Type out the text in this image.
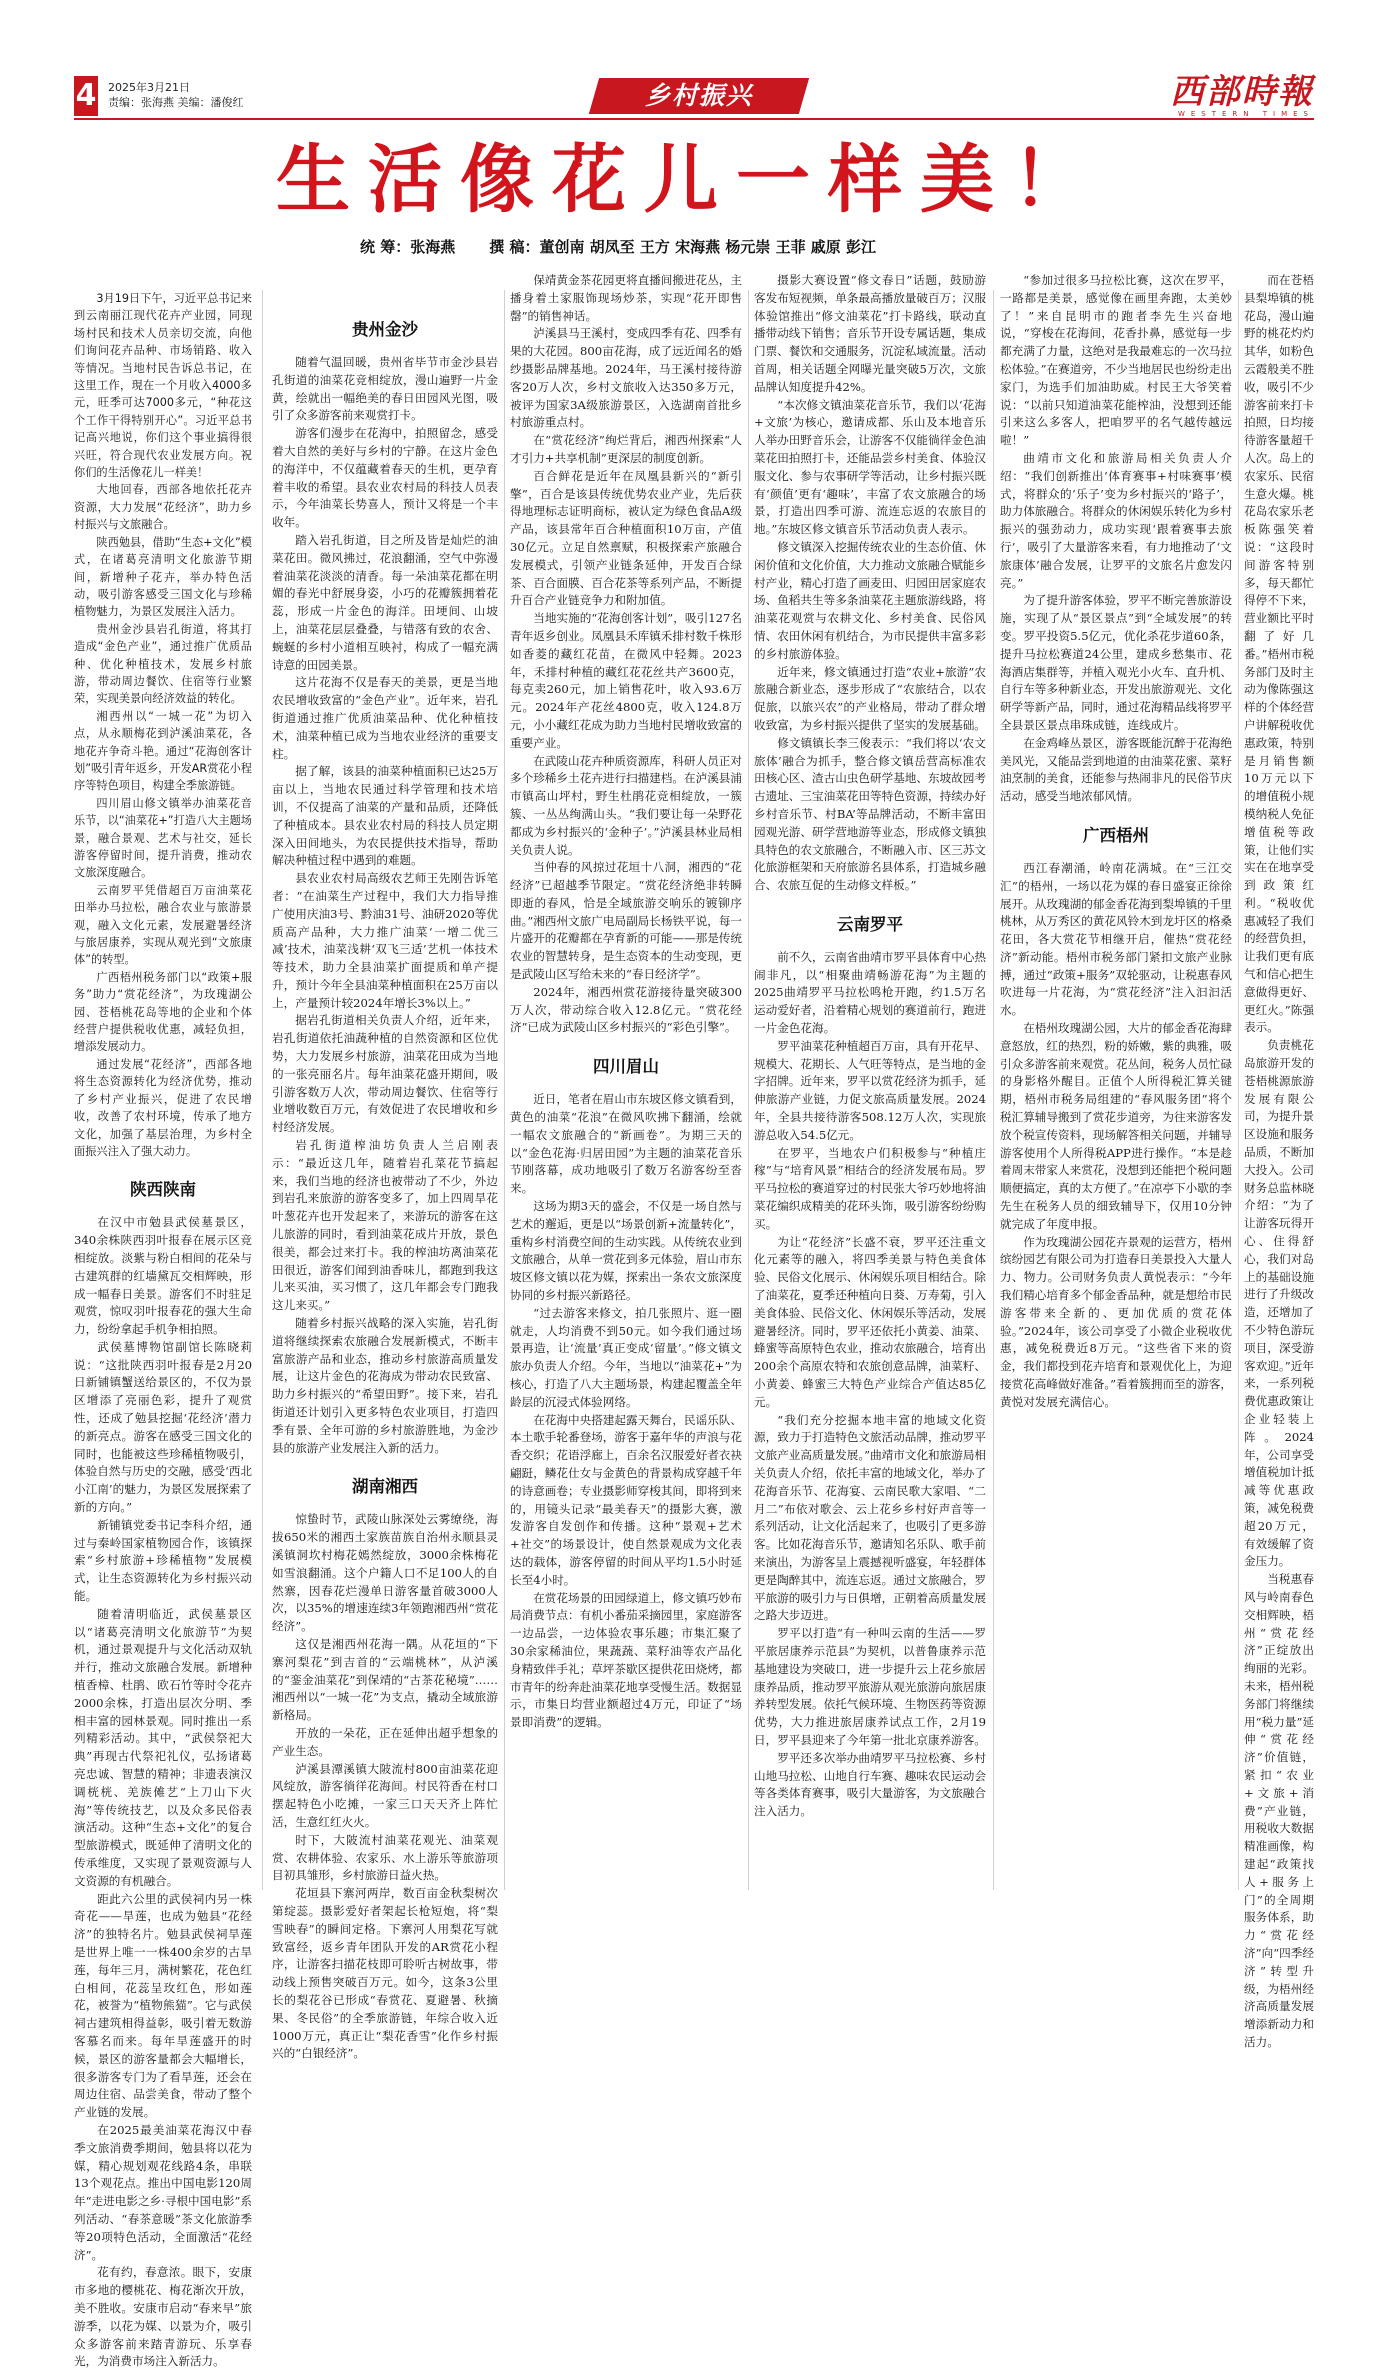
4 2025年3月21日
责编：张海燕 美编：潘俊红	乡村振兴	西部時報
WESTERN TIMES
生活像花儿一样美！
统 筹：张海燕 撰 稿：董创南 胡凤至 王方 宋海燕 杨元崇 王菲 戚原 彭江

3月19日下午，习近平总书记来到云南丽江现代花卉产业园，同现场村民和技术人员亲切交流，向他们询问花卉品种、市场销路、收入等情况。当地村民告诉总书记，在这里工作，現在一个月收入4000多元，旺季可达7000多元，“种花这个工作干得特别开心”。习近平总书记高兴地说，你们这个事业搞得很兴旺，符合现代农业发展方向。祝你们的生活像花儿一样美！

大地回春，西部各地依托花卉资源，大力发展“花经济”，助力乡村振兴与文旅融合。

陕西勉县，借助“生态+文化”模式，在诸葛亮清明文化旅游节期间，新增种子花卉，举办特色活动，吸引游客感受三国文化与珍稀植物魅力，为景区发展注入活力。

贵州金沙县岩孔街道，将其打造成“金色产业”，通过推广优质品种、优化种植技术，发展乡村旅游，带动周边餐饮、住宿等行业繁荣，实现美景向经济效益的转化。

湘西州以“一城一花”为切入点，从永顺梅花到泸溪油菜花，各地花卉争奇斗艳。通过“花海创客计划”吸引青年返乡，开发AR赏花小程序等特色项目，构建全季旅游链。

四川眉山修文镇举办油菜花音乐节，以“油菜花+”打造八大主题场景，融合景观、艺术与社交，延长游客停留时间，提升消费，推动农文旅深度融合。

云南罗平凭借超百万亩油菜花田举办马拉松，融合农业与旅游景观，融入文化元素，发展避暑经济与旅居康养，实现从观光到“文旅康体”的转型。

广西梧州税务部门以“政策+服务”助力“赏花经济”，为玫瑰湖公园、苍梧桃花岛等地的企业和个体经营户提供税收优惠，减轻负担，增添发展动力。

通过发展“花经济”，西部各地将生态资源转化为经济优势，推动了乡村产业振兴，促进了农民增收，改善了农村环境，传承了地方文化，加强了基层治理，为乡村全面振兴注入了强大动力。

陕西陕南

在汉中市勉县武侯墓景区，340余株陕西羽叶报春在展示区竞相绽放。淡紫与粉白相间的花朵与古建筑群的红墙黛瓦交相辉映，形成一幅春日美景。游客们不时驻足观赏，惊叹羽叶报春花的强大生命力，纷纷拿起手机争相拍照。

武侯墓博物馆副馆长陈晓莉说：“这批陕西羽叶报春是2月20日新铺镇蟹送给景区的，不仅为景区增添了亮丽色彩，提升了观赏性，还成了勉县挖掘‘花经济’潜力的新亮点。游客在感受三国文化的同时，也能被这些珍稀植物吸引，体验自然与历史的交融，感受‘西北小江南’的魅力，为景区发展探索了新的方向。”

新铺镇党委书记李科介绍，通过与秦岭国家植物园合作，该镇探索“乡村旅游+珍稀植物”发展模式，让生态资源转化为乡村振兴动能。

随着清明临近，武侯墓景区以“诸葛亮清明文化旅游节”为契机，通过景观提升与文化活动双轨并行，推动文旅融合发展。新增种植香樟、杜鹃、欧石竹等时令花卉2000余株，打造出层次分明、季相丰富的园林景观。同时推出一系列精彩活动。其中，“武侯祭祀大典”再现古代祭祀礼仪，弘扬诸葛亮忠诚、智慧的精神；非遗表演汉调桄桄、羌族傩艺“上刀山下火海”等传统技艺，以及众多民俗表演活动。这种“生态+文化”的复合型旅游模式，既延伸了清明文化的传承维度，又实现了景观资源与人文资源的有机融合。

距此六公里的武侯祠内另一株奇花——旱莲，也成为勉县“花经济”的独特名片。勉县武侯祠旱莲是世界上唯一一株400余岁的古旱莲，每年三月，满树繁花，花色红白相间，花蕊呈玫红色，形如莲花，被誉为“植物熊猫”。它与武侯祠古建筑相得益彰，吸引着无数游客慕名而来。每年旱莲盛开的时候，景区的游客量都会大幅增长，很多游客专门为了看旱莲，还会在周边住宿、品尝美食，带动了整个产业链的发展。

在2025最美油菜花海汉中春季文旅消费季期间，勉县将以花为媒，精心规划观花线路4条，串联13个观花点。推出中国电影120周年“走进电影之乡·寻根中国电影”系列活动、“春茶意暖”茶文化旅游季等20项特色活动，全面激活“花经济”。

花有约，春意浓。眼下，安康市多地的樱桃花、梅花渐次开放，美不胜收。安康市启动“春来早”旅游季，以花为媒、以景为介，吸引众多游客前来踏青游玩、乐享春光，为消费市场注入新活力。

贵州金沙

随着气温回暖，贵州省毕节市金沙县岩孔街道的油菜花竞相绽放，漫山遍野一片金黄，绘就出一幅绝美的春日田园风光图，吸引了众多游客前来观赏打卡。

游客们漫步在花海中，拍照留念，感受着大自然的美好与乡村的宁静。在这片金色的海洋中，不仅蕴藏着春天的生机，更孕育着丰收的希望。县农业农村局的科技人员表示，今年油菜长势喜人，预计又将是一个丰收年。

踏入岩孔街道，目之所及皆是灿烂的油菜花田。微风拂过，花浪翻涌，空气中弥漫着油菜花淡淡的清香。每一朵油菜花都在明媚的春光中舒展身姿，小巧的花瓣簇拥着花蕊，形成一片金色的海洋。田埂间、山坡上，油菜花层层叠叠，与错落有致的农舍、蜿蜒的乡村小道相互映衬，构成了一幅充满诗意的田园美景。

这片花海不仅是春天的美景，更是当地农民增收致富的“金色产业”。近年来，岩孔街道通过推广优质油菜品种、优化种植技术，油菜种植已成为当地农业经济的重要支柱。

据了解，该县的油菜种植面积已达25万亩以上，当地农民通过科学管理和技术培训，不仅提高了油菜的产量和品质，还降低了种植成本。县农业农村局的科技人员定期深入田间地头，为农民提供技术指导，帮助解决种植过程中遇到的难题。

县农业农村局高级农艺师王先刚告诉笔者：“在油菜生产过程中，我们大力指导推广使用庆油3号、黔油31号、油研2020等优质高产品种，大力推广油菜‘一增二优三减’技术，油菜浅耕‘双飞三适’艺机一体技术等技术，助力全县油菜扩面提质和单产提升，预计今年全县油菜种植面积在25万亩以上，产量预计较2024年增长3%以上。”

据岩孔街道相关负责人介绍，近年来，岩孔街道依托油蔬种植的自然资源和区位优势，大力发展乡村旅游，油菜花田成为当地的一张亮丽名片。每年油菜花盛开期间，吸引游客数万人次，带动周边餐饮、住宿等行业增收数百万元，有效促进了农民增收和乡村经济发展。

岩孔街道榨油坊负责人兰启刚表示：“最近这几年，随着岩孔菜花节搞起来，我们当地的经济也被带动了不少，外边到岩孔来旅游的游客变多了，加上四周旱花叶葱花卉也开发起来了，来游玩的游客在这儿旅游的同时，看到油菜花成片开放，景色很美，都会过来打卡。我的榨油坊离油菜花田很近，游客们闻到油香味儿，都跑到我这儿来买油，买习惯了，这几年都会专门跑我这儿来买。”

随着乡村振兴战略的深入实施，岩孔街道将继续探索农旅融合发展新模式，不断丰富旅游产品和业态，推动乡村旅游高质量发展，让这片金色的花海成为带动农民致富、助力乡村振兴的“希望田野”。接下来，岩孔街道还计划引入更多特色农业项目，打造四季有景、全年可游的乡村旅游胜地，为金沙县的旅游产业发展注入新的活力。

湖南湘西

惊蛰时节，武陵山脉深处云雾缭绕，海拔650米的湘西土家族苗族自治州永顺县灵溪镇洞坎村梅花嫣然绽放，3000余株梅花如雪浪翻涌。这个户籍人口不足100人的自然寨，因春花烂漫单日游客量首破3000人次，以35%的增速连续3年领跑湘西州“赏花经济”。

这仅是湘西州花海一隅。从花垣的“下寨河梨花”到吉首的“云端桃林”，从泸溪的“銮金油菜花”到保靖的“古茶花秘境”……湘西州以“一城一花”为支点，撬动全域旅游新格局。

开放的一朵花，正在延伸出超乎想象的产业生态。

泸溪县潭溪镇大陂流村800亩油菜花迎风绽放，游客徜徉花海间。村民符香在村口摆起特色小吃摊，一家三口天天齐上阵忙活，生意红红火火。

时下，大陂流村油菜花观光、油菜观赏、农耕体验、农家乐、水上游乐等旅游项目初具雏形，乡村旅游日益火热。

花垣县下寨河两岸，数百亩金秋梨树次第绽蕊。摄影爱好者架起长枪短炮，将“梨雪映春”的瞬间定格。下寨河人用梨花写就致富经，返乡青年团队开发的AR赏花小程序，让游客扫描花枝即可聆听古树故事，带动线上预售突破百万元。如今，这条3公里长的梨花谷已形成“春赏花、夏避暑、秋摘果、冬民俗”的全季旅游链，年综合收入近1000万元，真正让“梨花香雪”化作乡村振兴的“白银经济”。

保靖黄金茶花园更将直播间搬进花丛，主播身着土家服饰现场炒茶，实现“花开即售罄”的销售神话。

泸溪县马王溪村，变成四季有花、四季有果的大花园。800亩花海，成了远近闻名的婚纱摄影品牌基地。2024年，马王溪村接待游客20万人次，乡村文旅收入达350多万元，被评为国家3A级旅游景区，入选湖南首批乡村旅游重点村。

在“赏花经济”绚烂背后，湘西州探索“人才引力+共享机制”更深层的制度创新。

百合鲜花是近年在凤凰县新兴的“新引擎”，百合是该县传统优势农业产业，先后获得地理标志证明商标，被认定为绿色食品A级产品，该县常年百合种植面积10万亩，产值30亿元。立足自然禀赋，积极探索产旅融合发展模式，引领产业链条延伸，开发百合绿茶、百合面膜、百合花茶等系列产品，不断提升百合产业链竞争力和附加值。

当地实施的“花海创客计划”，吸引127名青年返乡创业。凤凰县禾库镇禾排村数千株形如香菱的藏红花苗，在微风中轻舞。2023年，禾排村种植的藏红花花丝共产3600克，每克卖260元，加上销售花叶，收入93.6万元。2024年产花丝4800克，收入124.8万元，小小藏红花成为助力当地村民增收致富的重要产业。

在武陵山花卉种质资源库，科研人员正对多个珍稀乡土花卉进行扫描建档。在泸溪县浦市镇高山坪村，野生杜鹃花竞相绽放，一簇簇、一丛丛绚满山头。“我们要让每一朵野花都成为乡村振兴的‘金种子’。”泸溪县林业局相关负责人说。

当仲春的风掠过花垣十八洞，湘西的“花经济”已超越季节限定。“赏花经济绝非转瞬即逝的春风，恰是全域旅游交响乐的镀铆序曲。”湘西州文旅广电局副局长杨铁平说，每一片盛开的花瓣都在孕育新的可能——那是传统农业的智慧转身，是生态资本的生动变现，更是武陵山区写给未来的“春日经济学”。

2024年，湘西州赏花游接待量突破300万人次，带动综合收入12.8亿元。“赏花经济”已成为武陵山区乡村振兴的“彩色引擎”。

四川眉山

近日，笔者在眉山市东坡区修文镇看到，黄色的油菜“花浪”在微风吹拂下翻涌，绘就一幅农文旅融合的“新画卷”。为期三天的以“金色花海·归居田园”为主题的油菜花音乐节刚落幕，成功地吸引了数万名游客纷至沓来。

这场为期3天的盛会，不仅是一场自然与艺术的邂逅，更是以“场景创新+流量转化”，重构乡村消费空间的生动实践。从传统农业到文旅融合，从单一赏花到多元体验，眉山市东坡区修文镇以花为媒，探索出一条农文旅深度协同的乡村振兴新路径。

“过去游客来修文，拍几张照片、逛一圈就走，人均消费不到50元。如今我们通过场景再造，让‘流量’真正变成‘留量’。”修文镇文旅办负责人介绍。今年，当地以“油菜花+”为核心，打造了八大主题场景，构建起覆盖全年龄层的沉浸式体验网络。

在花海中央搭建起露天舞台，民谣乐队、本土歌手轮番登场，游客于嘉年华的声浪与花香交织；花语浮廊上，百余名汉服爱好者衣袂翩跹，鳞花仕女与金黄色的背景构成穿越千年的诗意画卷；专业摄影师穿梭其间，即将到来的，用镜头记录“最美春天”的摄影大赛，激发游客自发创作和传播。这种“景观+艺术+社交”的场景设计，使自然景观成为文化表达的载体，游客停留的时间从平均1.5小时延长至4小时。

在赏花场景的田园绿道上，修文镇巧妙布局消费节点：有机小番茄采摘园里，家庭游客一边品尝，一边体验农事乐趣；市集汇聚了30余家稀油位，果蔬蔬、菜籽油等农产品化身精致伴手礼；草坪茶歇区提供花田烧烤，都市青年的纷奔赴油菜花地享受慢生活。数据显示，市集日均营业额超过4万元，印证了“场景即消费”的逻辑。

摄影大赛设置“修文春日”话题，鼓励游客发布短视频，单条最高播放量破百万；汉服体验馆推出“修文油菜花”打卡路线，联动直播带动线下销售；音乐节开设专属话题，集成门票、餐饮和交通服务，沉淀私域流量。活动首周，相关话题全网曝光量突破5万次，文旅品牌认知度提升42%。

“本次修文镇油菜花音乐节，我们以‘花海+文旅’为核心，邀请成都、乐山及本地音乐人举办田野音乐会，让游客不仅能徜徉金色油菜花田拍照打卡，还能品尝乡村美食、体验汉服文化、参与农事研学等活动，让乡村振兴既有‘颜值’更有‘趣味’，丰富了农文旅融合的场景，打造出四季可游、流连忘返的农旅目的地。”东坡区修文镇音乐节活动负责人表示。

修文镇深入挖掘传统农业的生态价值、休闲价值和文化价值，大力推动文旅融合赋能乡村产业，精心打造了画麦田、归园田居家庭农场、鱼稻共生等多条油菜花主题旅游线路，将油菜花观赏与农耕文化、乡村美食、民俗风情、农田休闲有机结合，为市民提供丰富多彩的乡村旅游体验。

近年来，修文镇通过打造“农业+旅游”农旅融合新业态，逐步形成了“农旅结合，以农促旅，以旅兴农”的产业格局，带动了群众增收致富，为乡村振兴提供了坚实的发展基础。

修文镇镇长李三俊表示：“我们将以‘农文旅体’融合为抓手，整合修文镇岳营高标准农田核心区、渣古山虫色研学基地、东坡故园考古遗址、三宝油菜花田等特色资源，持续办好乡村音乐节、村BA’等品牌活动，不断丰富田园观光游、研学营地游等业态，形成修文镇独具特色的农文旅融合，不断融入市、区三苏文化旅游框架和天府旅游名县体系，打造城乡融合、农旅互促的生动修文样板。”

云南罗平

前不久，云南省曲靖市罗平县体育中心热闹非凡，以“相聚曲靖畅游花海”为主题的2025曲靖罗平马拉松鸣枪开跑，约1.5万名运动爱好者，沿着精心规划的赛道前行，跑进一片金色花海。

罗平油菜花种植超百万亩，具有开花早、规模大、花期长、人气旺等特点，是当地的金字招牌。近年来，罗平以赏花经济为抓手，延伸旅游产业链，力促文旅高质量发展。2024年，全县共接待游客508.12万人次，实现旅游总收入54.5亿元。

在罗平，当地农户们积极参与“种植庄稼”与“培育风景”相结合的经济发展布局。罗平马拉松的赛道穿过的村民张大爷巧妙地将油菜花编织成精美的花环头饰，吸引游客纷纷购买。

为让“花经济”长盛不衰，罗平还注重文化元素等的融入，将四季美景与特色美食体验、民俗文化展示、休闲娱乐项目相结合。除了油菜花，夏季还种植向日葵、万寿菊，引入美食体验、民俗文化、休闲娱乐等活动，发展避暑经济。同时，罗平还依托小黄姜、油菜、蜂蜜等高原特色农业，推动农旅融合，培育出200余个高原农特和农旅创意品牌，油菜籽、小黄姜、蜂蜜三大特色产业综合产值达85亿元。

“我们充分挖掘本地丰富的地域文化资源，致力于打造特色文旅活动品牌，推动罗平文旅产业高质量发展。”曲靖市文化和旅游局相关负责人介绍，依托丰富的地域文化，举办了花海音乐节、花海宴、云南民歌大家唱、“二月二”布依对歌会、云上花乡乡村好声音等一系列活动，让文化活起来了，也吸引了更多游客。比如花海音乐节，邀请知名乐队、歌手前来演出，为游客呈上震撼视听盛宴，年轻群体更是陶醉其中，流连忘返。通过文旅融合，罗平旅游的吸引力与日俱增，正朝着高质量发展之路大步迈进。

罗平以打造“有一种叫云南的生活——罗平旅居康养示范县”为契机，以普鲁康养示范基地建设为突破口，进一步提升云上花乡旅居康养品质，推动罗平旅游从观光旅游向旅居康养转型发展。依托气候环境、生物医药等资源优势，大力推进旅居康养试点工作，2月19日，罗平县迎来了今年第一批北京康养游客。

罗平还多次举办曲靖罗平马拉松赛、乡村山地马拉松、山地自行车赛、趣味农民运动会等各类体育赛事，吸引大量游客，为文旅融合注入活力。

“参加过很多马拉松比赛，这次在罗平，一路都是美景，感觉像在画里奔跑，太美妙了！”来自昆明市的跑者李先生兴奋地说，“穿梭在花海间，花香扑鼻，感觉每一步都充满了力量，这绝对是我最难忘的一次马拉松体验。”在赛道旁，不少当地居民也纷纷走出家门，为选手们加油助威。村民王大爷笑着说：“以前只知道油菜花能榨油，没想到还能引来这么多客人，把咱罗平的名气越传越远啦！”

曲靖市文化和旅游局相关负责人介绍：“我们创新推出‘体育赛事+村味赛事’模式，将群众的‘乐子’变为乡村振兴的‘路子’，助力体旅融合。将群众的休闲娱乐转化为乡村振兴的强劲动力，成功实现‘跟着赛事去旅行’，吸引了大量游客来看，有力地推动了‘文旅康体’融合发展，让罗平的文旅名片愈发闪亮。”

为了提升游客体验，罗平不断完善旅游设施，实现了从“景区景点”到“全域发展”的转变。罗平投资5.5亿元，优化杀花步道60条，提升马拉松赛道24公里，建成乡愁集市、花海酒店集群等，并植入观光小火车、直升机、自行车等多种新业态，开发出旅游观光、文化研学等新产品，同时，通过花海精品线将罗平全县景区景点串珠成链，连线成片。

在金鸡峰丛景区，游客既能沉醉于花海绝美风光，又能品尝到地道的由油菜花蜜、菜籽油烹制的美食，还能参与热闹非凡的民俗节庆活动，感受当地浓郁风情。

广西梧州

西江春潮涌，岭南花满城。在“三江交汇”的梧州，一场以花为媒的春日盛宴正徐徐展开。从玫瑰湖的郁金香花海到梨埠镇的千里桃林，从万秀区的黄花风铃木到龙圩区的格桑花田，各大赏花节相继开启，催热“赏花经济”新动能。梧州市税务部门紧扣文旅产业脉搏，通过“政策+服务”双轮驱动，让税惠春风吹进每一片花海，为“赏花经济”注入汩汩活水。

在梧州玫瑰湖公园，大片的郁金香花海肆意怒放，红的热烈，粉的娇嫩，紫的典雅，吸引众多游客前来观赏。花丛间，税务人员忙碌的身影格外醒目。正值个人所得税汇算关键期，梧州市税务局组建的“春风服务团”将个税汇算辅导搬到了赏花步道旁，为往来游客发放个税宣传资料，现场解答相关问题，并辅导游客使用个人所得税APP进行操作。“本是趁着周末带家人来赏花，没想到还能把个税问题顺便搞定，真的太方便了。”在凉亭下小歇的李先生在税务人员的细致辅导下，仅用10分钟就完成了年度申报。

作为玫瑰湖公园花卉景观的运营方，梧州缤纷园艺有限公司为打造春日美景投入大量人力、物力。公司财务负责人黄悦表示：“今年我们精心培育多个郁金香品种，就是想给市民游客带来全新的、更加优质的赏花体验。”2024年，该公司享受了小微企业税收优惠，减免税费近8万元。“这些省下来的资金，我们都投到花卉培育和景观优化上，为迎接赏花高峰做好准备。”看着簇拥而至的游客，黄悦对发展充满信心。

而在苍梧县梨埠镇的桃花岛，漫山遍野的桃花灼灼其华，如粉色云霞般美不胜收，吸引不少游客前来打卡拍照，日均接待游客量超千人次。岛上的农家乐、民宿生意火爆。桃花岛农家乐老板陈强笑着说：“这段时间游客特别多，每天都忙得停不下来，营业额比平时翻了好几番。”梧州市税务部门及时主动为像陈强这样的个体经营户讲解税收优惠政策，特别是月销售额10万元以下的增值税小规模纳税人免征增值税等政策，让他们实实在在地享受到政策红利。“税收优惠减轻了我们的经营负担，让我们更有底气和信心把生意做得更好、更红火。”陈强表示。

负责桃花岛旅游开发的苍梧桃源旅游发展有限公司，为提升景区设施和服务品质，不断加大投入。公司财务总监林晓介绍：“为了让游客玩得开心、住得舒心，我们对岛上的基础设施进行了升级改造，还增加了不少特色游玩项目，深受游客欢迎。”近年来，一系列税费优惠政策让企业轻装上阵。2024年，公司享受增值税加计抵减等优惠政策，减免税费超20万元，有效缓解了资金压力。

当税惠春风与岭南春色交相辉映，梧州“赏花经济”正绽放出绚丽的光彩。未来，梧州税务部门将继续用“税力量”延伸“赏花经济”价值链，紧扣“农业+文旅+消费”产业链，用税收大数据精准画像，构建起“政策找人+服务上门”的全周期服务体系，助力“赏花经济”向“四季经济”转型升级，为梧州经济高质量发展增添新动力和活力。
